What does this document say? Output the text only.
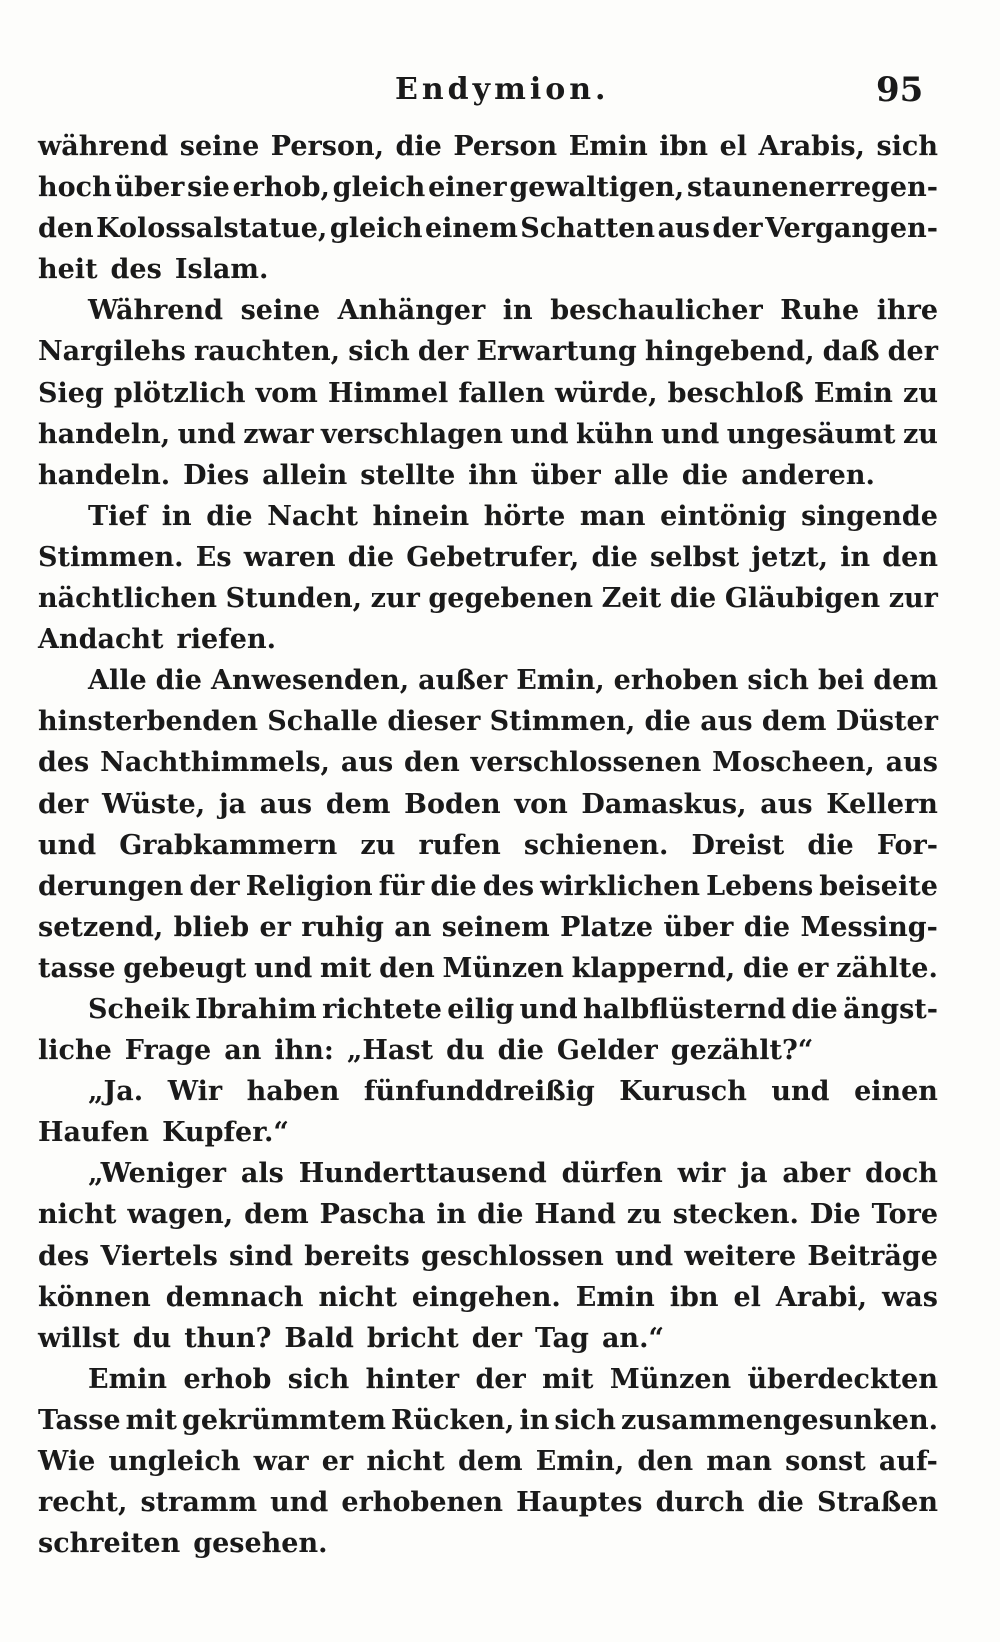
Endymion.	95
während seine Person, die Person Emin ibn el Arabis, sich
hoch über sie erhob, gleich einer gewaltigen, staunenerregen-
den Kolossalstatue, gleich einem Schatten aus der Vergangen-
heit des Islam.
Während seine Anhänger in beschaulicher Ruhe ihre
Nargilehs rauchten, sich der Erwartung hingebend, daß der
Sieg plötzlich vom Himmel fallen würde, beschloß Emin zu
handeln, und zwar verschlagen und kühn und ungesäumt zu
handeln. Dies allein stellte ihn über alle die anderen.
Tief in die Nacht hinein hörte man eintönig singende
Stimmen. Es waren die Gebetrufer, die selbst jetzt, in den
nächtlichen Stunden, zur gegebenen Zeit die Gläubigen zur
Andacht riefen.
Alle die Anwesenden, außer Emin, erhoben sich bei dem
hinsterbenden Schalle dieser Stimmen, die aus dem Düster
des Nachthimmels, aus den verschlossenen Moscheen, aus
der Wüste, ja aus dem Boden von Damaskus, aus Kellern
und Grabkammern zu rufen schienen. Dreist die For-
derungen der Religion für die des wirklichen Lebens beiseite
setzend, blieb er ruhig an seinem Platze über die Messing-
tasse gebeugt und mit den Münzen klappernd, die er zählte.
Scheik Ibrahim richtete eilig und halbflüsternd die ängst-
liche Frage an ihn: „Hast du die Gelder gezählt?“
„Ja. Wir haben fünfunddreißig Kurusch und einen
Haufen Kupfer.“
„Weniger als Hunderttausend dürfen wir ja aber doch
nicht wagen, dem Pascha in die Hand zu stecken. Die Tore
des Viertels sind bereits geschlossen und weitere Beiträge
können demnach nicht eingehen. Emin ibn el Arabi, was
willst du thun? Bald bricht der Tag an.“
Emin erhob sich hinter der mit Münzen überdeckten
Tasse mit gekrümmtem Rücken, in sich zusammengesunken.
Wie ungleich war er nicht dem Emin, den man sonst auf-
recht, stramm und erhobenen Hauptes durch die Straßen
schreiten gesehen.
